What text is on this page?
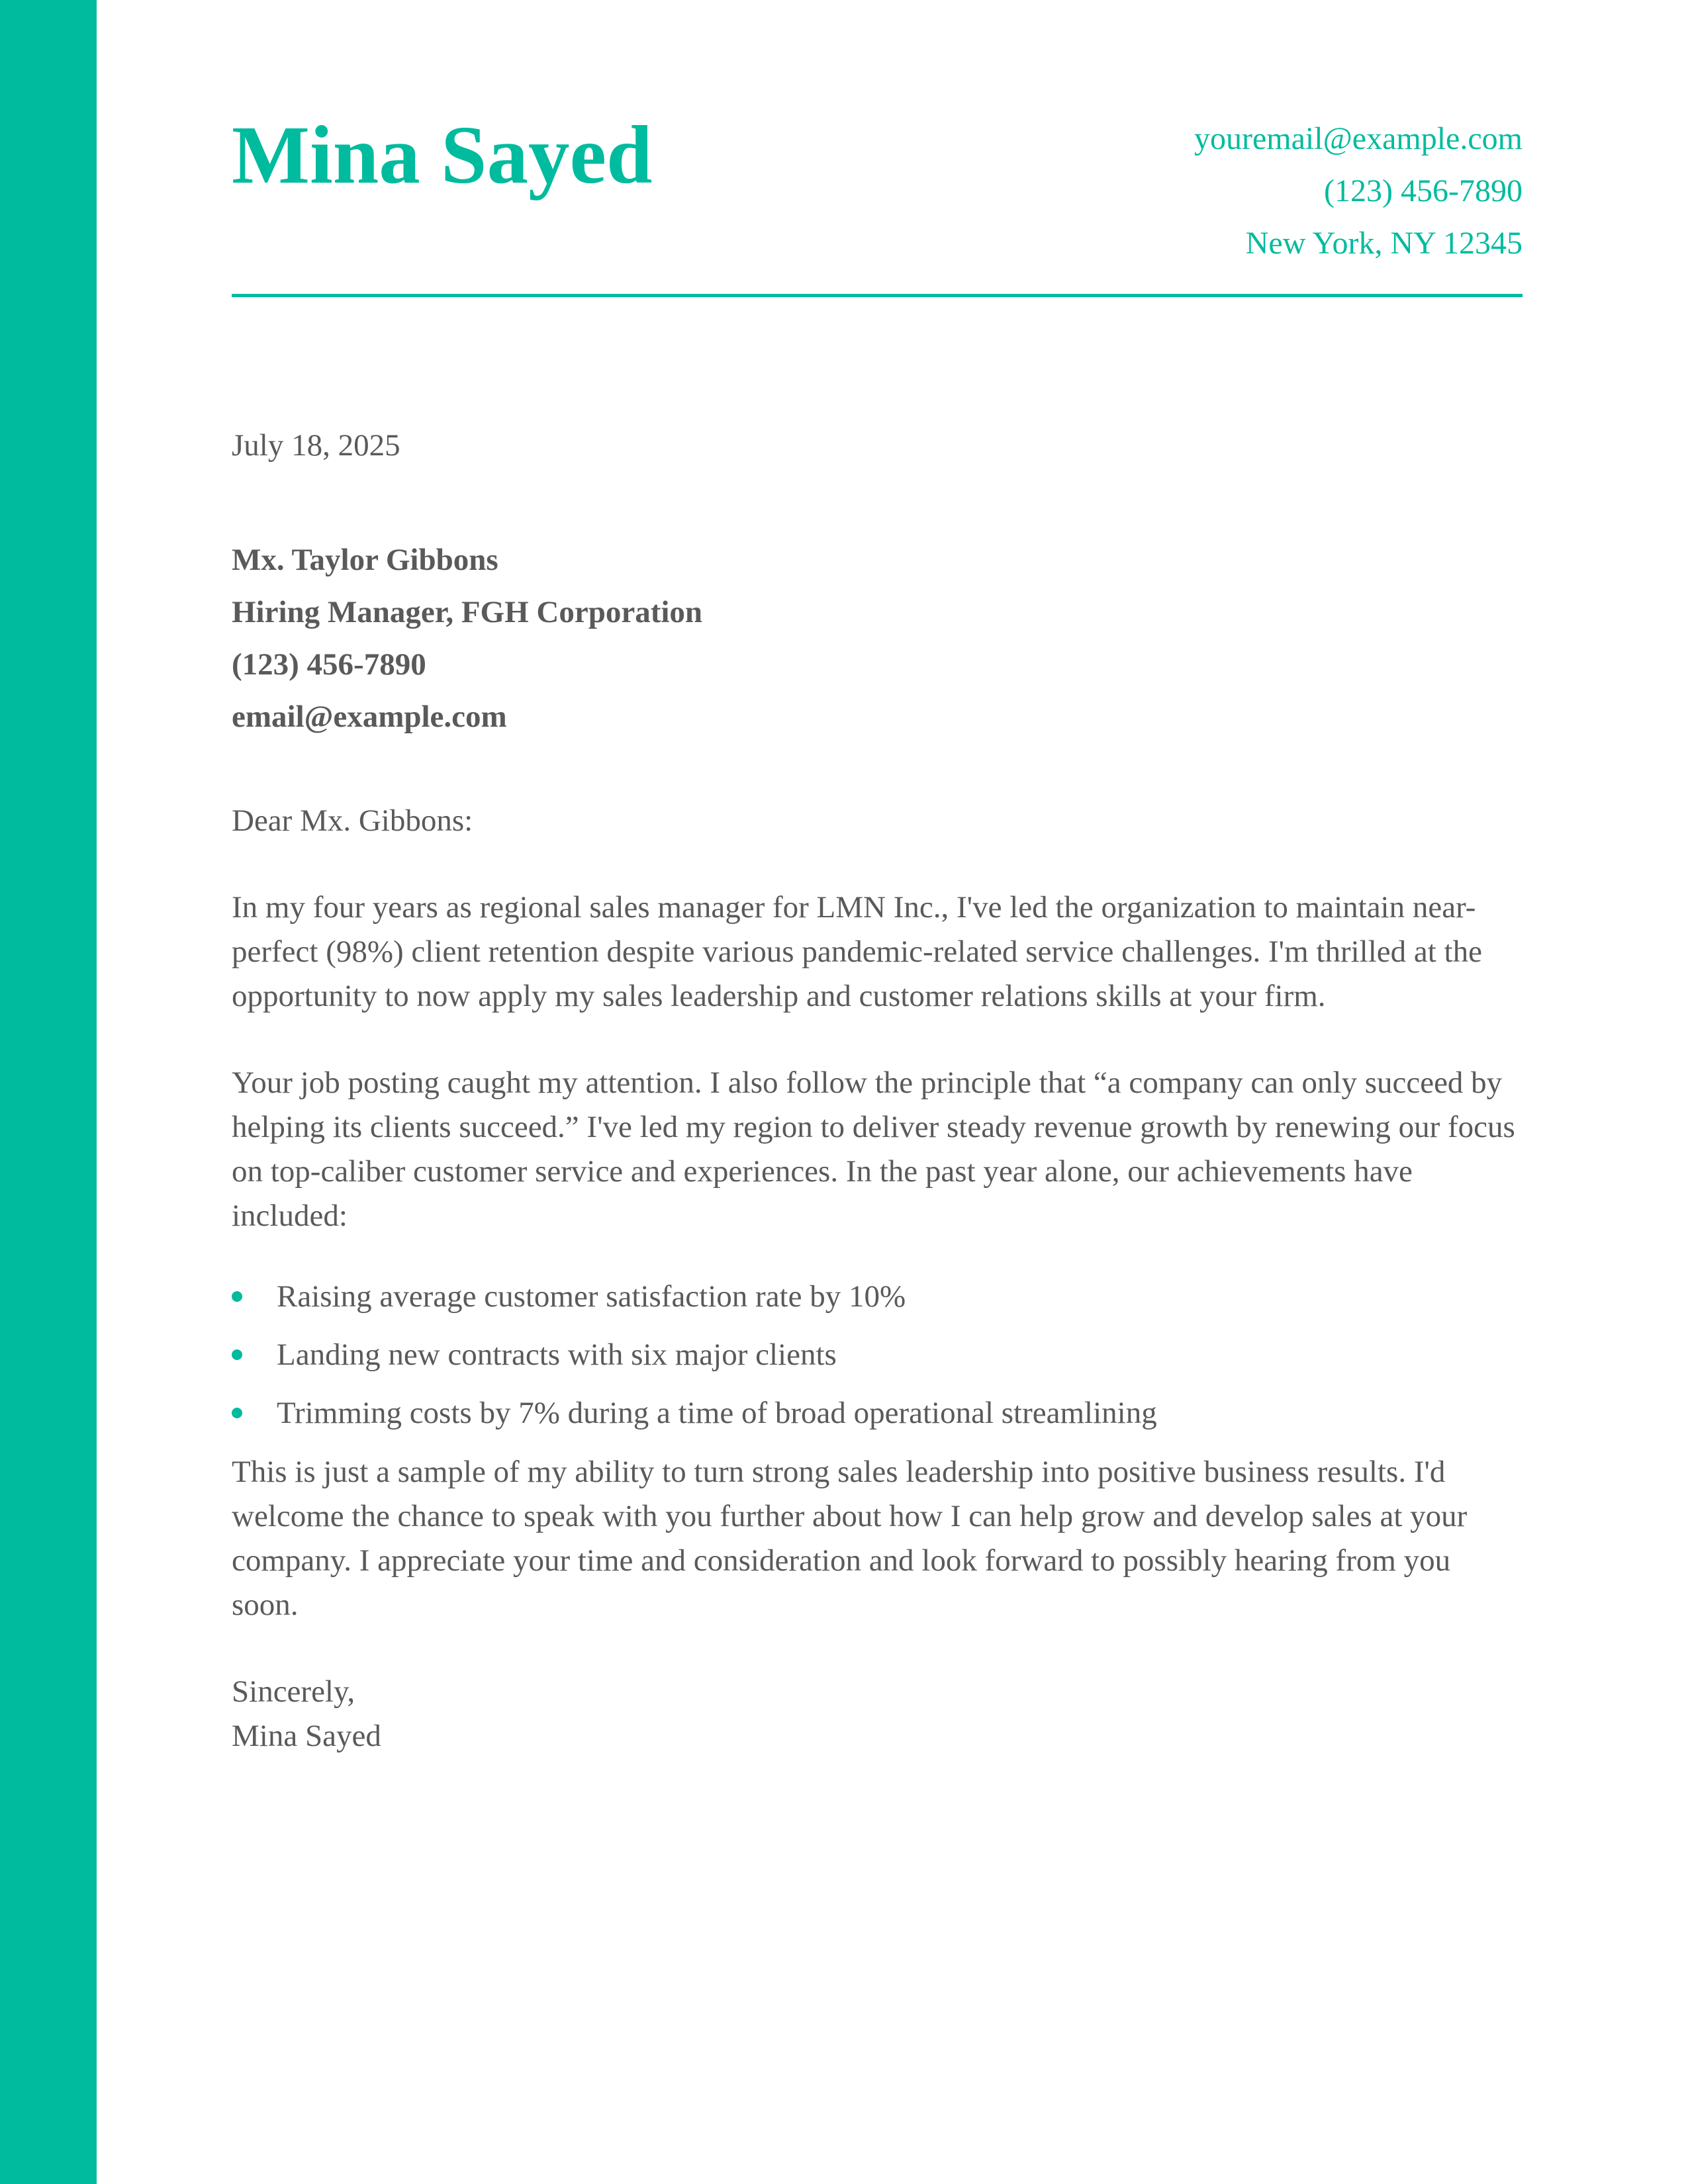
Mina Sayed	youremail@example.com
(123) 456-7890
New York, NY 12345

July 18, 2025

Mx. Taylor Gibbons
Hiring Manager, FGH Corporation
(123) 456-7890
email@example.com

Dear Mx. Gibbons:

In my four years as regional sales manager for LMN Inc., I've led the organization to maintain near-perfect (98%) client retention despite various pandemic-related service challenges. I'm thrilled at the opportunity to now apply my sales leadership and customer relations skills at your firm.

Your job posting caught my attention. I also follow the principle that “a company can only succeed by helping its clients succeed.” I've led my region to deliver steady revenue growth by renewing our focus on top-caliber customer service and experiences. In the past year alone, our achievements have included:

Raising average customer satisfaction rate by 10%
Landing new contracts with six major clients
Trimming costs by 7% during a time of broad operational streamlining

This is just a sample of my ability to turn strong sales leadership into positive business results. I'd welcome the chance to speak with you further about how I can help grow and develop sales at your company. I appreciate your time and consideration and look forward to possibly hearing from you soon.

Sincerely,
Mina Sayed
